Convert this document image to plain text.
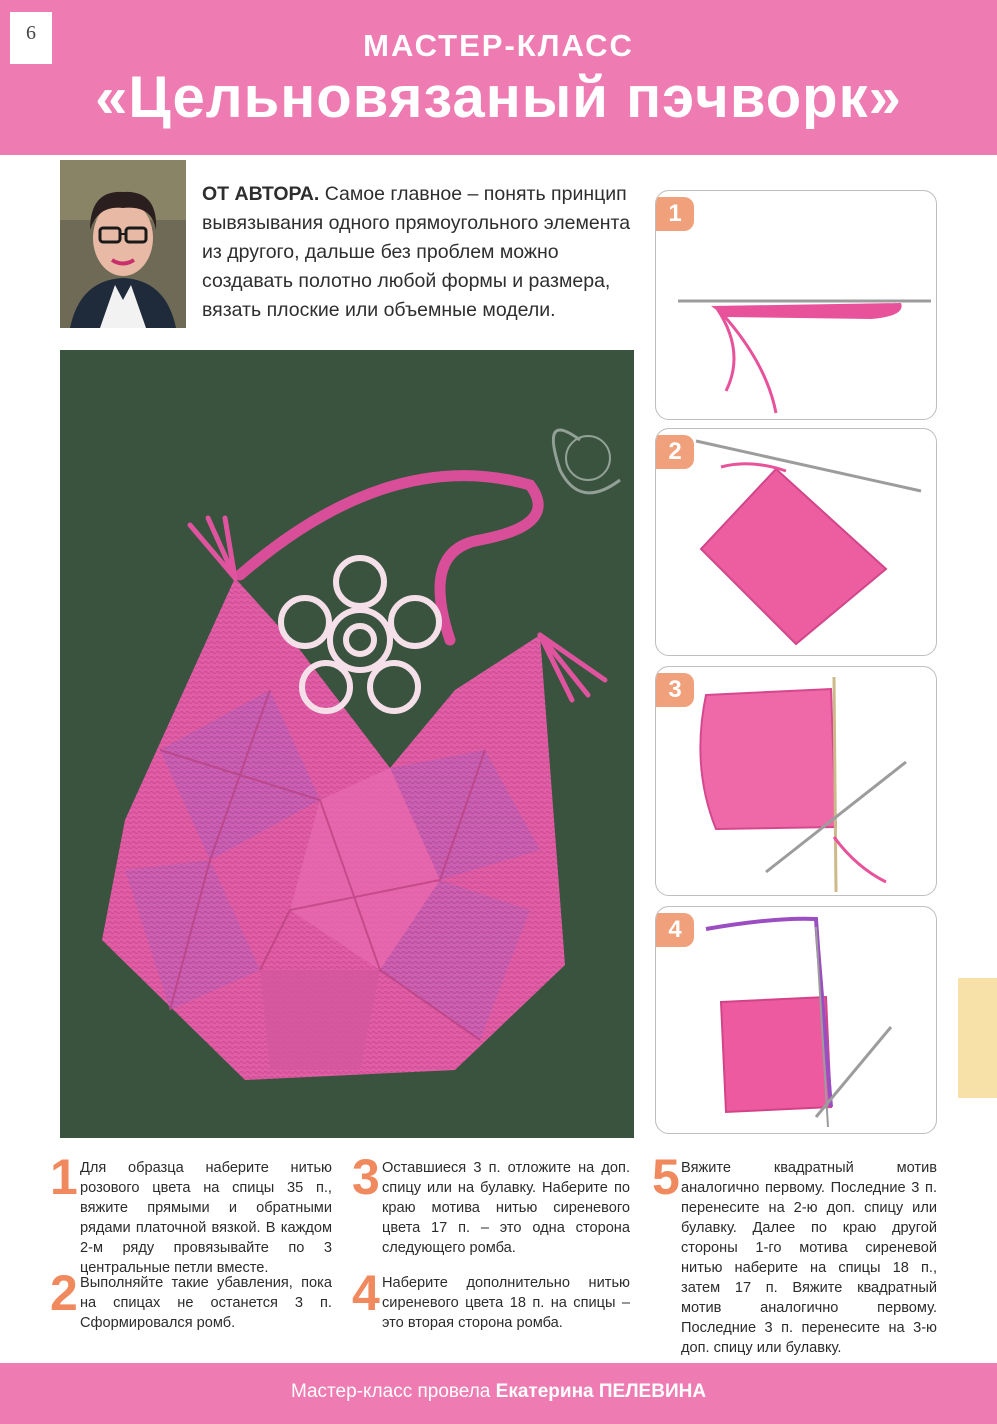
6	МАСТЕР-КЛАСС
«Цельновязаный пэчворк»
ОТ АВТОРА. Самое главное – понять принцип вывязывания одного прямоугольного элемента из другого, дальше без проблем можно создавать полотно любой формы и размера, вязать плоские или объемные модели.
1
2
3
4
1 Для образца наберите нитью розового цвета на спицы 35 п., вяжите прямыми и обратными рядами платочной вязкой. В каждом 2-м ряду провязывайте по 3 центральные петли вместе.
2 Выполняйте такие убавления, пока на спицах не останется 3 п. Сформировался ромб.
3 Оставшиеся 3 п. отложите на доп. спицу или на булавку. Наберите по краю мотива нитью сиреневого цвета 17 п. – это одна сторона следующего ромба.
4 Наберите дополнительно нитью сиреневого цвета 18 п. на спицы – это вторая сторона ромба.
5 Вяжите квадратный мотив аналогично первому. Последние 3 п. перенесите на 2-ю доп. спицу или булавку. Далее по краю другой стороны 1-го мотива сиреневой нитью наберите на спицы 18 п., затем 17 п. Вяжите квадратный мотив аналогично первому. Последние 3 п. перенесите на 3-ю доп. спицу или булавку.
Мастер-класс провела Екатерина ПЕЛЕВИНА
